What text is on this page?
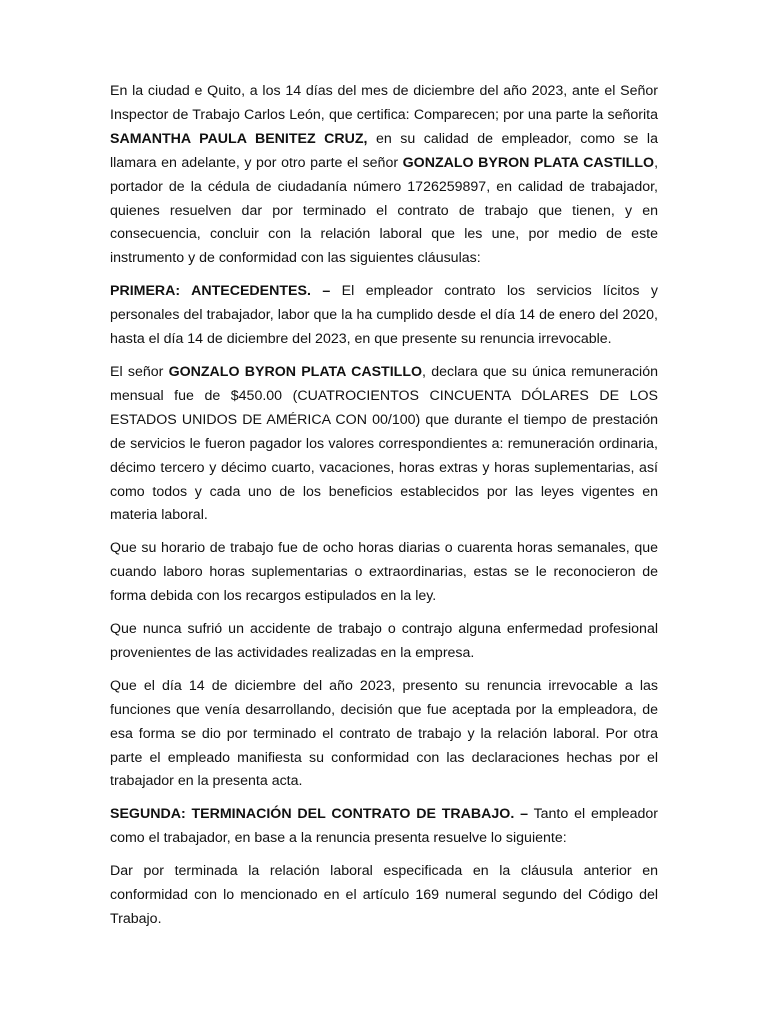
En la ciudad e Quito, a los 14 días del mes de diciembre del año 2023, ante el Señor Inspector de Trabajo Carlos León, que certifica: Comparecen; por una parte la señorita SAMANTHA PAULA BENITEZ CRUZ, en su calidad de empleador, como se la llamara en adelante, y por otro parte el señor GONZALO BYRON PLATA CASTILLO, portador de la cédula de ciudadanía número 1726259897, en calidad de trabajador, quienes resuelven dar por terminado el contrato de trabajo que tienen, y en consecuencia, concluir con la relación laboral que les une, por medio de este instrumento y de conformidad con las siguientes cláusulas:

PRIMERA: ANTECEDENTES. – El empleador contrato los servicios lícitos y personales del trabajador, labor que la ha cumplido desde el día 14 de enero del 2020, hasta el día 14 de diciembre del 2023, en que presente su renuncia irrevocable.

El señor GONZALO BYRON PLATA CASTILLO, declara que su única remuneración mensual fue de $450.00 (CUATROCIENTOS CINCUENTA DÓLARES DE LOS ESTADOS UNIDOS DE AMÉRICA CON 00/100) que durante el tiempo de prestación de servicios le fueron pagador los valores correspondientes a: remuneración ordinaria, décimo tercero y décimo cuarto, vacaciones, horas extras y horas suplementarias, así como todos y cada uno de los beneficios establecidos por las leyes vigentes en materia laboral.

Que su horario de trabajo fue de ocho horas diarias o cuarenta horas semanales, que cuando laboro horas suplementarias o extraordinarias, estas se le reconocieron de forma debida con los recargos estipulados en la ley.

Que nunca sufrió un accidente de trabajo o contrajo alguna enfermedad profesional provenientes de las actividades realizadas en la empresa.

Que el día 14 de diciembre del año 2023, presento su renuncia irrevocable a las funciones que venía desarrollando, decisión que fue aceptada por la empleadora, de esa forma se dio por terminado el contrato de trabajo y la relación laboral. Por otra parte el empleado manifiesta su conformidad con las declaraciones hechas por el trabajador en la presenta acta.

SEGUNDA: TERMINACIÓN DEL CONTRATO DE TRABAJO. – Tanto el empleador como el trabajador, en base a la renuncia presenta resuelve lo siguiente:

Dar por terminada la relación laboral especificada en la cláusula anterior en conformidad con lo mencionado en el artículo 169 numeral segundo del Código del Trabajo.
